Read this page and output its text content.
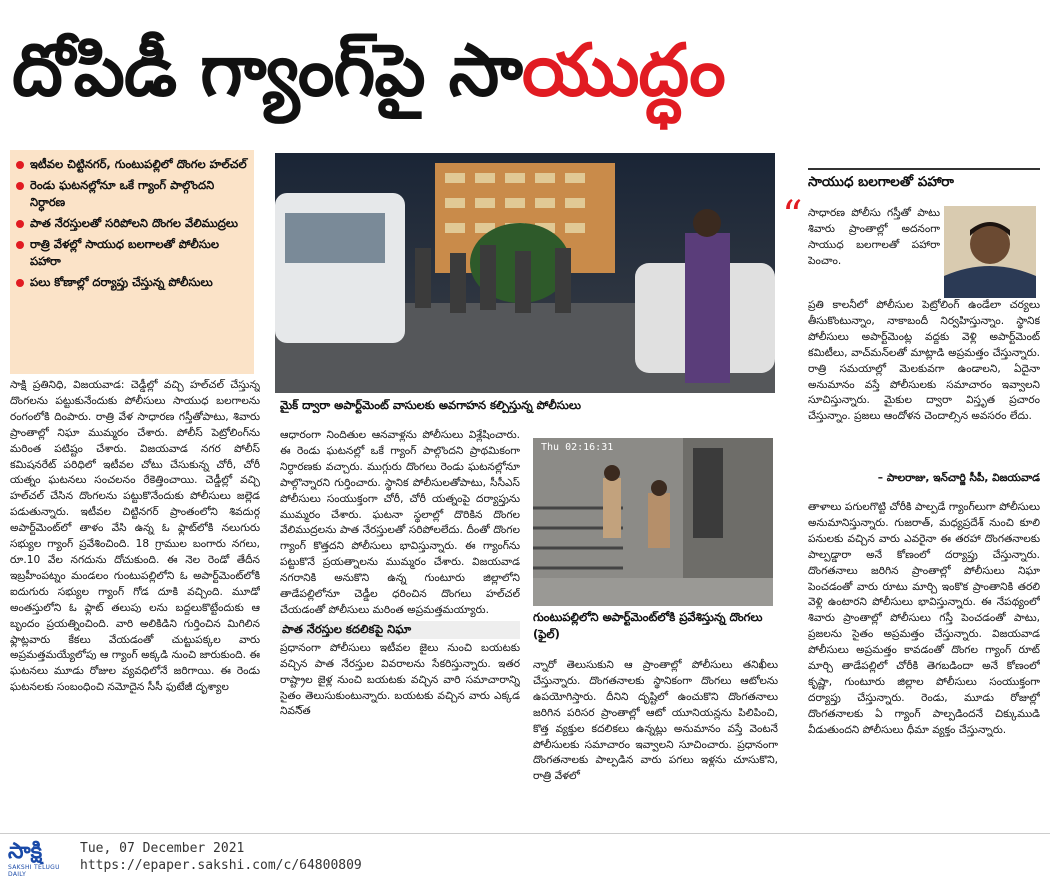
దోపిడీ గ్యాంగ్‌పై సాయుద్ధం
ఇటీవల చిట్టినగర్, గుంటుపల్లిలో దొంగల హల్‌చల్
రెండు ఘటనల్లోనూ ఒకే గ్యాంగ్ పాల్గొందని నిర్ధారణ
పాత నేరస్తులతో సరిపోలని దొంగల వేలిముద్రలు
రాత్రి వేళల్లో సాయుధ బలగాలతో పోలీసుల పహారా
పలు కోణాల్లో దర్యాప్తు చేస్తున్న పోలీసులు

సాక్షి ప్రతినిధి, విజయవాడ: చెడ్డీల్లో వచ్చి హల్‌చల్ చేస్తున్న దొంగలను పట్టుకునేందుకు పోలీసులు సాయుధ బలగాలను రంగంలోకి దింపారు. రాత్రి వేళ సాధారణ గస్తీతోపాటు, శివారు ప్రాంతాల్లో నిఘా ముమ్మరం చేశారు. పోలీస్ పెట్రోలింగ్‌ను మరింత పటిష్టం చేశారు. విజయవాడ నగర పోలీస్ కమిషనరేట్ పరిధిలో ఇటీవల చోటు చేసుకున్న చోరీ, చోరీ యత్నం ఘటనలు సంచలనం రేకెత్తించాయి. చెడ్డీల్లో వచ్చి హల్‌చల్ చేసిన దొంగలను పట్టుకొనేందుకు పోలీసులు జల్లెడ పడుతున్నారు. ఇటీవల చిట్టినగర్ ప్రాంతంలోని శివదుర్గ అపార్ట్‌మెంట్‌లో తాళం వేసి ఉన్న ఓ ఫ్లాట్‌లోకి నలుగురు సభ్యుల గ్యాంగ్ ప్రవేశించింది. 18 గ్రాముల బంగారు నగలు, రూ.10 వేల నగదును దోచుకుంది. ఈ నెల రెండో తేదీన ఇబ్రహీంపట్నం మండలం గుంటుపల్లిలోని ఓ అపార్ట్‌మెంట్‌లోకి ఐదుగురు సభ్యుల గ్యాంగ్ గోడ దూకి వచ్చింది. మూడో అంతస్తులోని ఓ ఫ్లాట్ తలుపు లను బద్దలుకొట్టేందుకు ఆ బృందం ప్రయత్నించింది. వారి అలికిడిని గుర్తించిన మిగిలిన ఫ్లాట్లవారు కేకలు వేయడంతో చుట్టుపక్కల వారు అప్రమత్తమయ్యేలోపు ఆ గ్యాంగ్ అక్కడి నుంచి జారుకుంది. ఈ ఘటనలు మూడు రోజుల వ్యవధిలోనే జరిగాయి. ఈ రెండు ఘటనలకు సంబంధించి నమోదైన సీసీ ఫుటేజీ దృశ్యాల

మైక్ ద్వారా అపార్ట్‌మెంట్ వాసులకు అవగాహన కల్పిస్తున్న పోలీసులు

ఆధారంగా నిందితుల ఆనవాళ్లను పోలీసులు విశ్లేషించారు. ఈ రెండు ఘటనల్లో ఒకే గ్యాంగ్ పాల్గొందని ప్రాథమికంగా నిర్ధారణకు వచ్చారు. ముగ్గురు దొంగలు రెండు ఘటనల్లోనూ పాల్గొన్నారని గుర్తించారు. స్థానిక పోలీసులతోపాటు, సీసీఎస్ పోలీసులు సంయుక్తంగా చోరీ, చోరీ యత్నంపై దర్యాప్తును ముమ్మరం చేశారు. ఘటనా స్థలాల్లో దొరికిన దొంగల వేలిముద్రలను పాత నేరస్తులతో సరిపోలలేదు. దీంతో దొంగల గ్యాంగ్ కొత్తదని పోలీసులు భావిస్తున్నారు. ఈ గ్యాంగ్‌ను పట్టుకొనే ప్రయత్నాలను ముమ్మరం చేశారు. విజయవాడ నగరానికి అనుకొని ఉన్న గుంటూరు జిల్లాలోని తాడేపల్లిలోనూ చెడ్డీల ధరించిన దొంగలు హల్‌చల్ చేయడంతో పోలీసులు మరింత అప్రమత్తమయ్యారు.

పాత నేరస్తుల కదలికపై నిఘా

ప్రధానంగా పోలీసులు ఇటీవల జైలు నుంచి బయటకు వచ్చిన పాత నేరస్తుల వివరాలను సేకరిస్తున్నారు. ఇతర రాష్ట్రాల జైళ్ల నుంచి బయటకు వచ్చిన వారి సమాచారాన్ని సైతం తెలుసుకుంటున్నారు. బయటకు వచ్చిన వారు ఎక్కడ నివసి్త

Thu 02:16:31
గుంటుపల్లిలోని అపార్ట్‌మెంట్‌లోకి ప్రవేశిస్తున్న దొంగలు (ఫైల్)

న్నారో తెలుసుకుని ఆ ప్రాంతాల్లో పోలీసులు తనిఖీలు చేస్తున్నారు. దొంగతనాలకు స్థానికంగా దొంగలు ఆటోలను ఉపయోగిస్తారు. దీనిని దృష్టిలో ఉంచుకొని దొంగతనాలు జరిగిన పరిసర ప్రాంతాల్లో ఆటో యూనియన్లను పిలిపించి, కొత్త వ్యక్తుల కదలికలు ఉన్నట్లు అనుమానం వస్తే వెంటనే పోలీసులకు సమాచారం ఇవ్వాలని సూచించారు. ప్రధానంగా దొంగతనాలకు పాల్పడిన వారు పగలు ఇళ్లను చూసుకొని, రాత్రి వేళలో

సాయుధ బలగాలతో పహారా
“ సాధారణ పోలీసు గస్తీతో పాటు శివారు ప్రాంతాల్లో అదనంగా సాయుధ బలగాలతో పహారా పెంచాం.

ప్రతి కాలనీలో పోలీసుల పెట్రోలింగ్ ఉండేలా చర్యలు తీసుకొంటున్నాం, నాకాబందీ నిర్వహిస్తున్నాం. స్థానిక పోలీసులు అపార్ట్‌మెంట్ల వద్దకు వెళ్లి అపార్ట్‌మెంట్ కమిటీలు, వాచ్‌మన్‌లతో మాట్లాడి అప్రమత్తం చేస్తున్నారు. రాత్రి సమయాల్లో మెలకువగా ఉండాలని, ఏదైనా అనుమానం వస్తే పోలీసులకు సమాచారం ఇవ్వాలని సూచిస్తున్నారు. మైకుల ద్వారా విస్తృత ప్రచారం చేస్తున్నాం. ప్రజలు ఆందోళన చెందాల్సిన అవసరం లేదు.

– పాలరాజు, ఇన్‌చార్జి సీపీ, విజయవాడ

తాళాలు పగులగొట్టి చోరీకి పాల్పడే గ్యాంగ్‌లుగా పోలీసులు అనుమానిస్తున్నారు. గుజరాత్, మధ్యప్రదేశ్ నుంచి కూలి పనులకు వచ్చిన వారు ఎవరైనా ఈ తరహా దొంగతనాలకు పాల్పడ్డారా అనే కోణంలో దర్యాప్తు చేస్తున్నారు. దొంగతనాలు జరిగిన ప్రాంతాల్లో పోలీసులు నిఘా పెంచడంతో వారు రూటు మార్చి ఇంకొక ప్రాంతానికి తరలి వెళ్లి ఉంటారని పోలీసులు భావిస్తున్నారు. ఈ నేపథ్యంలో శివారు ప్రాంతాల్లో పోలీసులు గస్తీ పెంచడంతో పాటు, ప్రజలను సైతం అప్రమత్తం చేస్తున్నారు. విజయవాడ పోలీసులు అప్రమత్తం కావడంతో దొంగల గ్యాంగ్ రూట్ మార్చి తాడేపల్లిలో చోరీకి తెగబడిందా అనే కోణంలో కృష్ణా, గుంటూరు జిల్లాల పోలీసులు సంయుక్తంగా దర్యాప్తు చేస్తున్నారు. రెండు, మూడు రోజుల్లో దొంగతనాలకు ఏ గ్యాంగ్ పాల్పడిందనే చిక్కుముడి వీడుతుందని పోలీసులు ధీమా వ్యక్తం చేస్తున్నారు.

సాక్షి
SAKSHI TELUGU DAILY
Tue, 07 December 2021
https://epaper.sakshi.com/c/64800809
